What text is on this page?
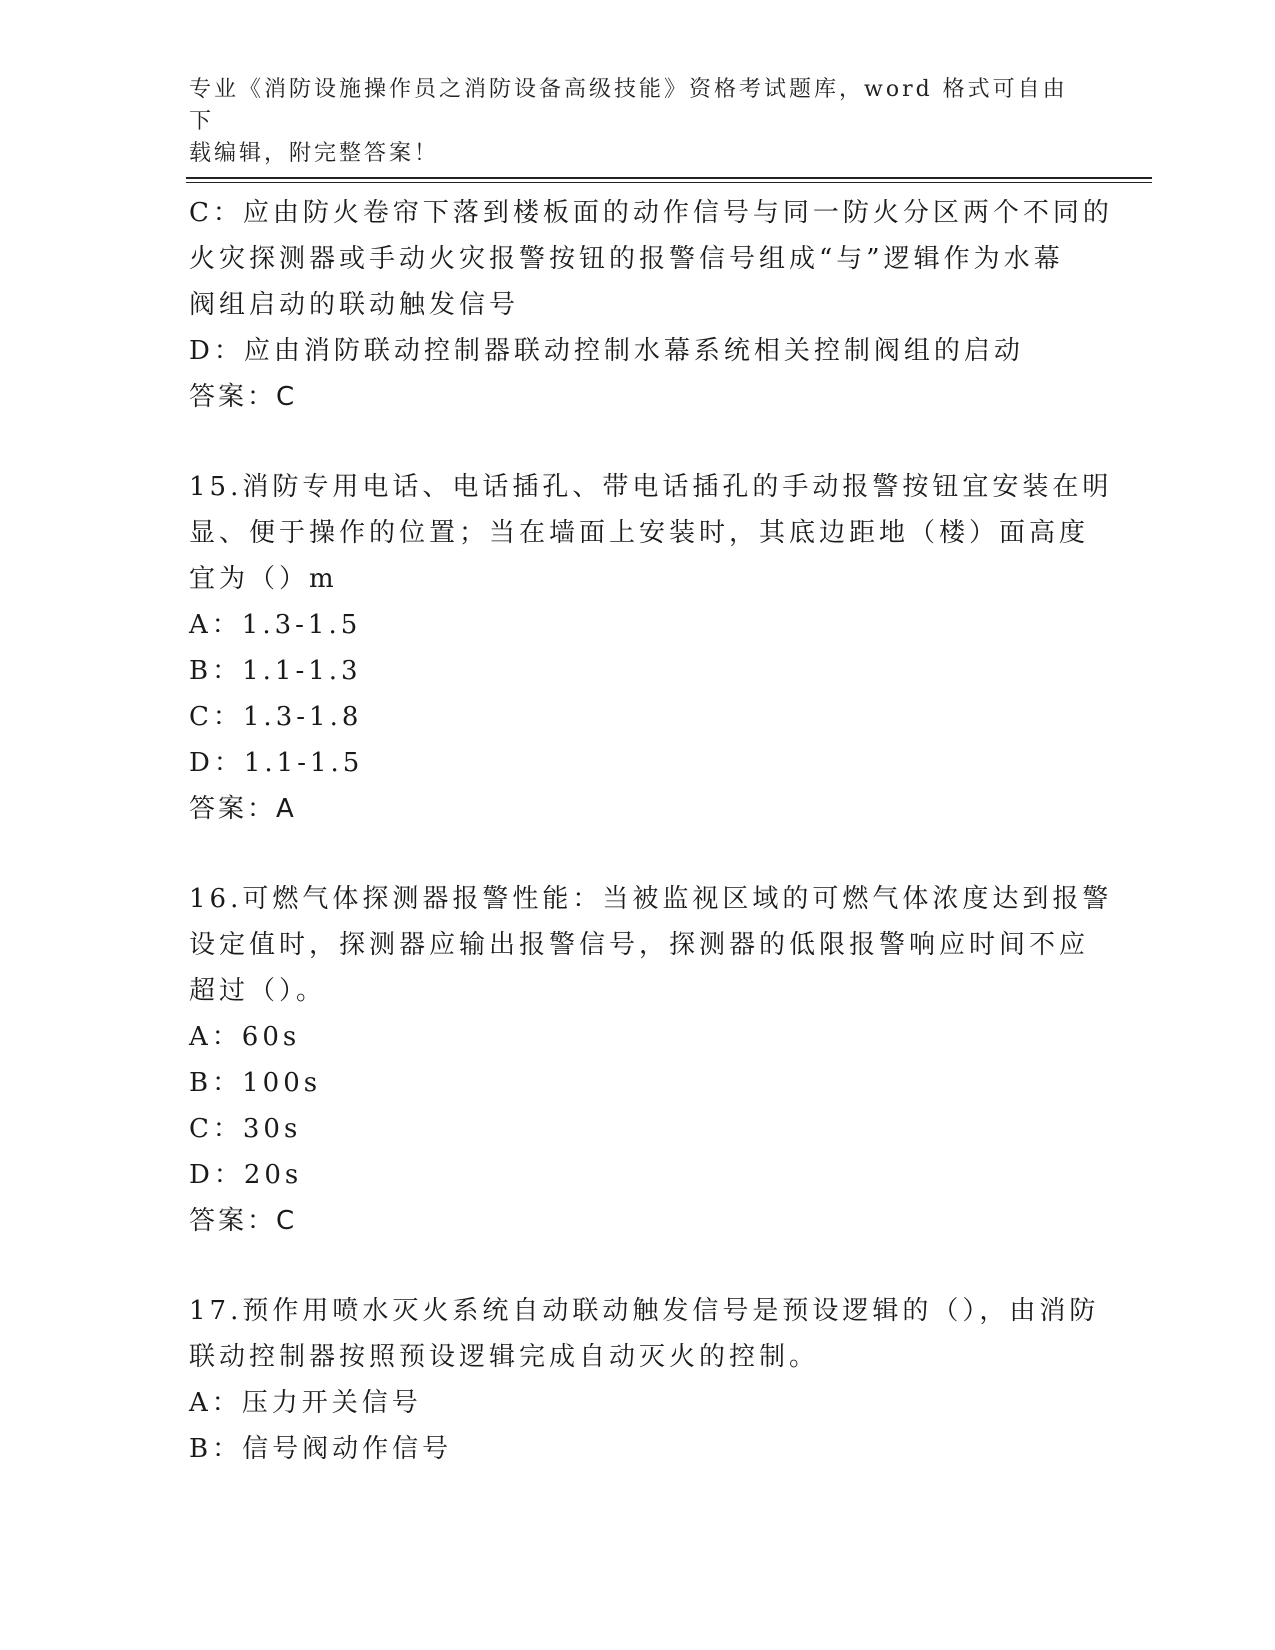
专业《消防设施操作员之消防设备高级技能》资格考试题库，word 格式可自由下
载编辑，附完整答案！
C：应由防火卷帘下落到楼板面的动作信号与同一防火分区两个不同的
火灾探测器或手动火灾报警按钮的报警信号组成“与”逻辑作为水幕
阀组启动的联动触发信号
D：应由消防联动控制器联动控制水幕系统相关控制阀组的启动
答案：C
15.消防专用电话、电话插孔、带电话插孔的手动报警按钮宜安装在明
显、便于操作的位置；当在墙面上安装时，其底边距地（楼）面高度
宜为（）m
A：1.3-1.5
B：1.1-1.3
C：1.3-1.8
D：1.1-1.5
答案：A
16.可燃气体探测器报警性能：当被监视区域的可燃气体浓度达到报警
设定值时，探测器应输出报警信号，探测器的低限报警响应时间不应
超过（）。
A：60s
B：100s
C：30s
D：20s
答案：C
17.预作用喷水灭火系统自动联动触发信号是预设逻辑的（），由消防
联动控制器按照预设逻辑完成自动灭火的控制。
A：压力开关信号
B：信号阀动作信号
